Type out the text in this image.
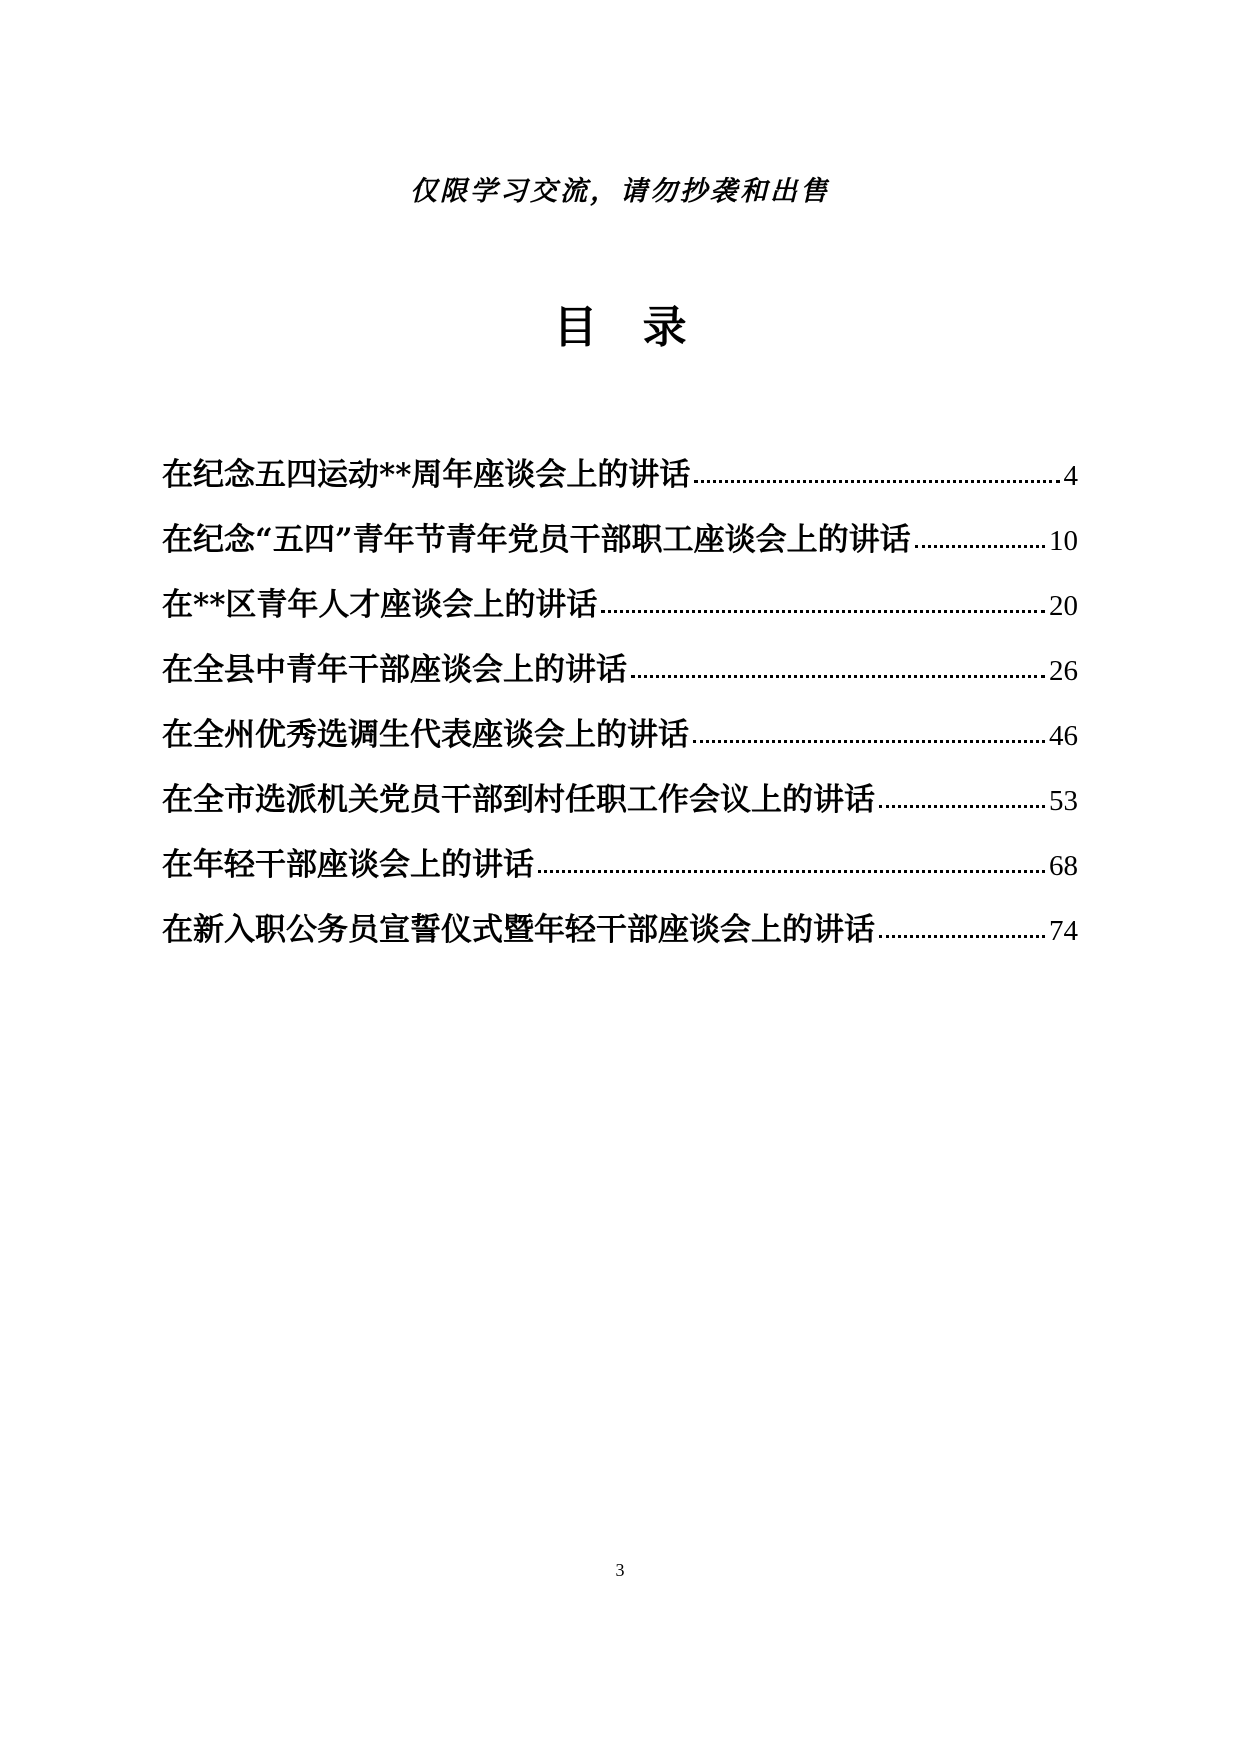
仅限学习交流，请勿抄袭和出售
目 录
在纪念五四运动**周年座谈会上的讲话	4
在纪念“五四”青年节青年党员干部职工座谈会上的讲话	10
在**区青年人才座谈会上的讲话	20
在全县中青年干部座谈会上的讲话	26
在全州优秀选调生代表座谈会上的讲话	46
在全市选派机关党员干部到村任职工作会议上的讲话	53
在年轻干部座谈会上的讲话	68
在新入职公务员宣誓仪式暨年轻干部座谈会上的讲话	74
3
